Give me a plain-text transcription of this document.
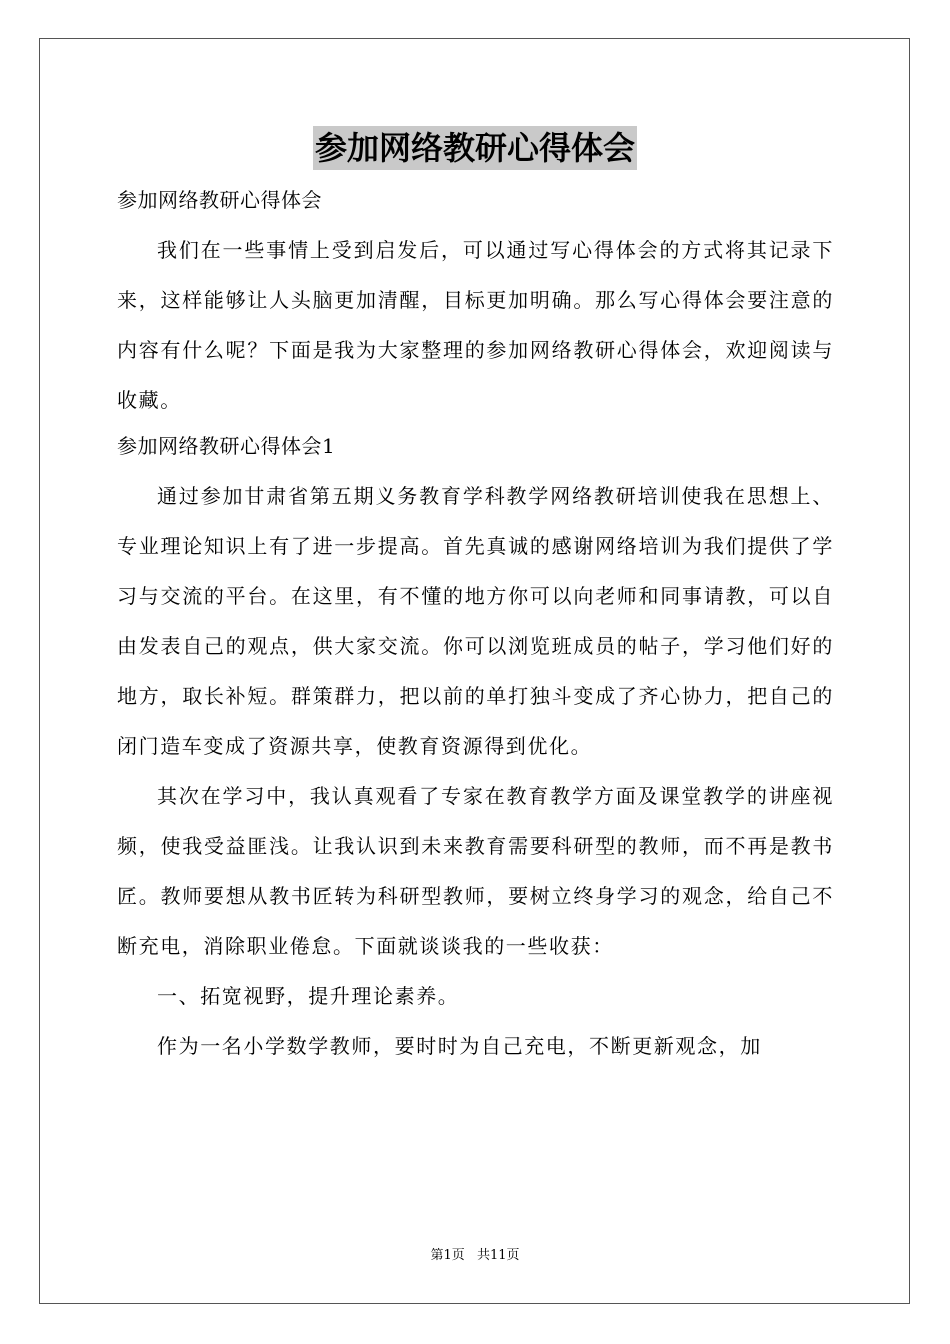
参加网络教研心得体会

参加网络教研心得体会

我们在一些事情上受到启发后，可以通过写心得体会的方式将其记录下来，这样能够让人头脑更加清醒，目标更加明确。那么写心得体会要注意的内容有什么呢？下面是我为大家整理的参加网络教研心得体会，欢迎阅读与收藏。

参加网络教研心得体会1

通过参加甘肃省第五期义务教育学科教学网络教研培训使我在思想上、专业理论知识上有了进一步提高。首先真诚的感谢网络培训为我们提供了学习与交流的平台。在这里，有不懂的地方你可以向老师和同事请教，可以自由发表自己的观点，供大家交流。你可以浏览班成员的帖子，学习他们好的地方，取长补短。群策群力，把以前的单打独斗变成了齐心协力，把自己的闭门造车变成了资源共享，使教育资源得到优化。

其次在学习中，我认真观看了专家在教育教学方面及课堂教学的讲座视频，使我受益匪浅。让我认识到未来教育需要科研型的教师，而不再是教书匠。教师要想从教书匠转为科研型教师，要树立终身学习的观念，给自己不断充电，消除职业倦怠。下面就谈谈我的一些收获：

一、拓宽视野，提升理论素养。

作为一名小学数学教师，要时时为自己充电，不断更新观念，加

第1页 共11页
